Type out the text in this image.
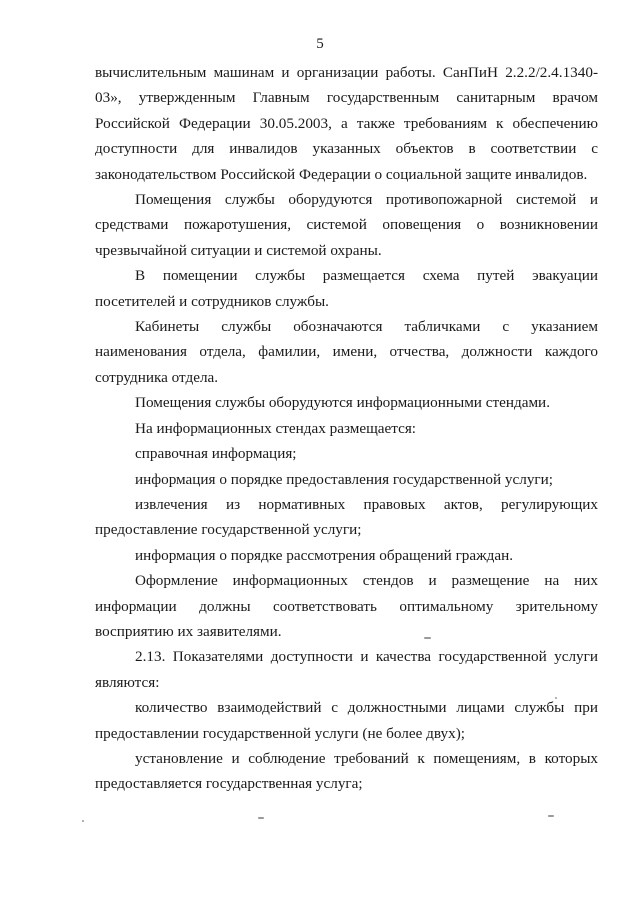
5

вычислительным машинам и организации работы. СанПиН 2.2.2/2.4.1340-03», утвержденным Главным государственным санитарным врачом Российской Федерации 30.05.2003, а также требованиям к обеспечению доступности для инвалидов указанных объектов в соответствии с законодательством Российской Федерации о социальной защите инвалидов.

Помещения службы оборудуются противопожарной системой и средствами пожаротушения, системой оповещения о возникновении чрезвычайной ситуации и системой охраны.

В помещении службы размещается схема путей эвакуации посетителей и сотрудников службы.

Кабинеты службы обозначаются табличками с указанием наименования отдела, фамилии, имени, отчества, должности каждого сотрудника отдела.

Помещения службы оборудуются информационными стендами.

На информационных стендах размещается:

справочная информация;

информация о порядке предоставления государственной услуги;

извлечения из нормативных правовых актов, регулирующих предоставление государственной услуги;

информация о порядке рассмотрения обращений граждан.

Оформление информационных стендов и размещение на них информации должны соответствовать оптимальному зрительному восприятию их заявителями.

2.13. Показателями доступности и качества государственной услуги являются:

количество взаимодействий с должностными лицами службы при предоставлении государственной услуги (не более двух);

установление и соблюдение требований к помещениям, в которых предоставляется государственная услуга;
